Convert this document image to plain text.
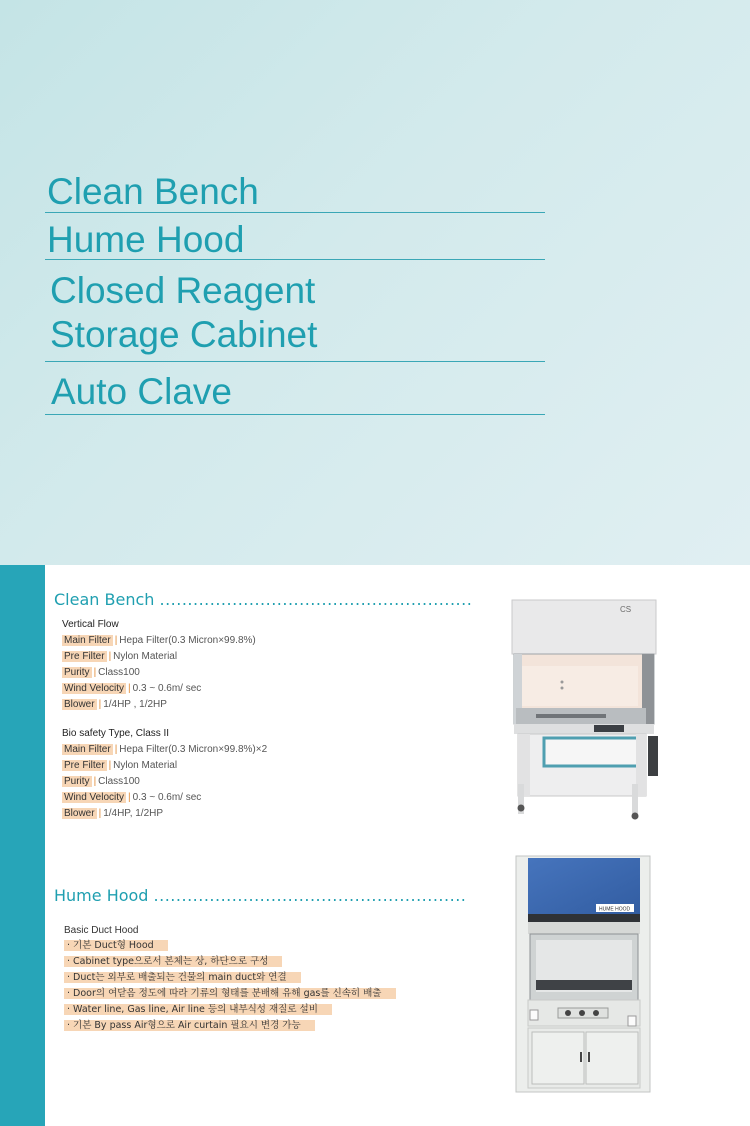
Clean Bench
Hume Hood
Closed Reagent
Storage Cabinet
Auto Clave
Clean Bench ........................................................
Vertical Flow
Main Filter | Hepa Filter(0.3 Micron×99.8%)
Pre Filter | Nylon Material
Purity | Class100
Wind Velocity | 0.3 ~ 0.6m/ sec
Blower | 1/4HP , 1/2HP
Bio safety Type, Class II
Main Filter | Hepa Filter(0.3 Micron×99.8%)×2
Pre Filter | Nylon Material
Purity | Class100
Wind Velocity | 0.3 ~ 0.6m/ sec
Blower | 1/4HP, 1/2HP
CS
Hume Hood ........................................................
Basic Duct Hood
· 기본 Duct형 Hood
· Cabinet type으로서 본체는 상, 하단으로 구성
· Duct는 외부로 배출되는 건물의 main duct와 연결
· Door의 여닫음 정도에 따라 기류의 형태를 분배해 유해 gas를 신속히 배출
· Water line, Gas line, Air line 등의 내부식성 재질로 설비
· 기본 By pass Air형으로 Air curtain 필요시 변경 가능
HUME HOOD
